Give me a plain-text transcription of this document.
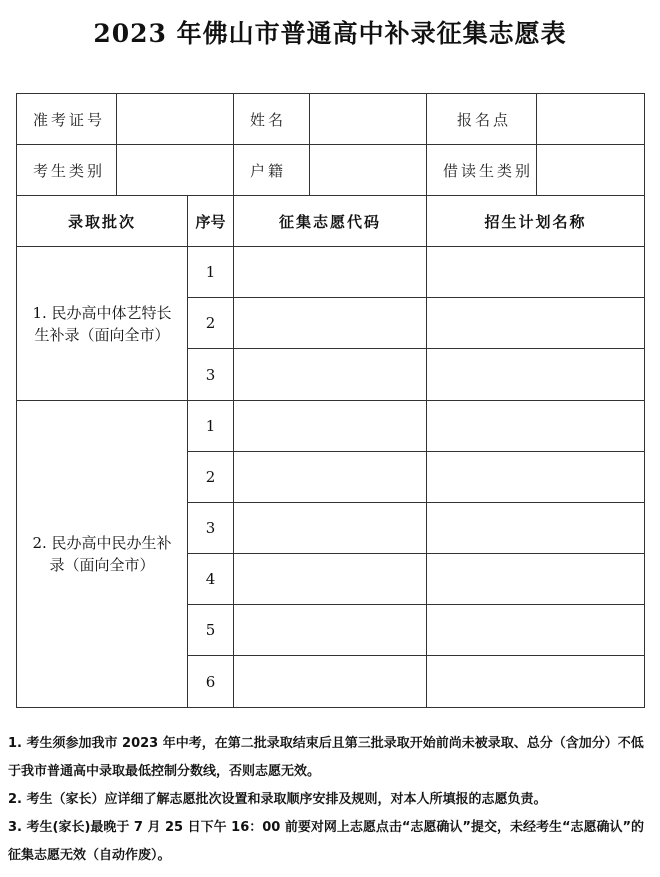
2023 年佛山市普通高中补录征集志愿表
准考证号			姓名		报名点	
考生类别			户籍		借读生类别	
录取批次		序号	征集志愿代码		招生计划名称	
1. 民办高中体艺特长生补录（面向全市）		1				
		2				
		3				
2. 民办高中民办生补录（面向全市）		1				
		2				
		3				
		4				
		5				
		6				

1. 考生须参加我市 2023 年中考，在第二批录取结束后且第三批录取开始前尚未被录取、总分（含加分）不低于我市普通高中录取最低控制分数线，否则志愿无效。

2. 考生（家长）应详细了解志愿批次设置和录取顺序安排及规则，对本人所填报的志愿负责。

3. 考生(家长)最晚于 7 月 25 日下午 16：00 前要对网上志愿点击“志愿确认”提交，未经考生“志愿确认”的征集志愿无效（自动作废）。
